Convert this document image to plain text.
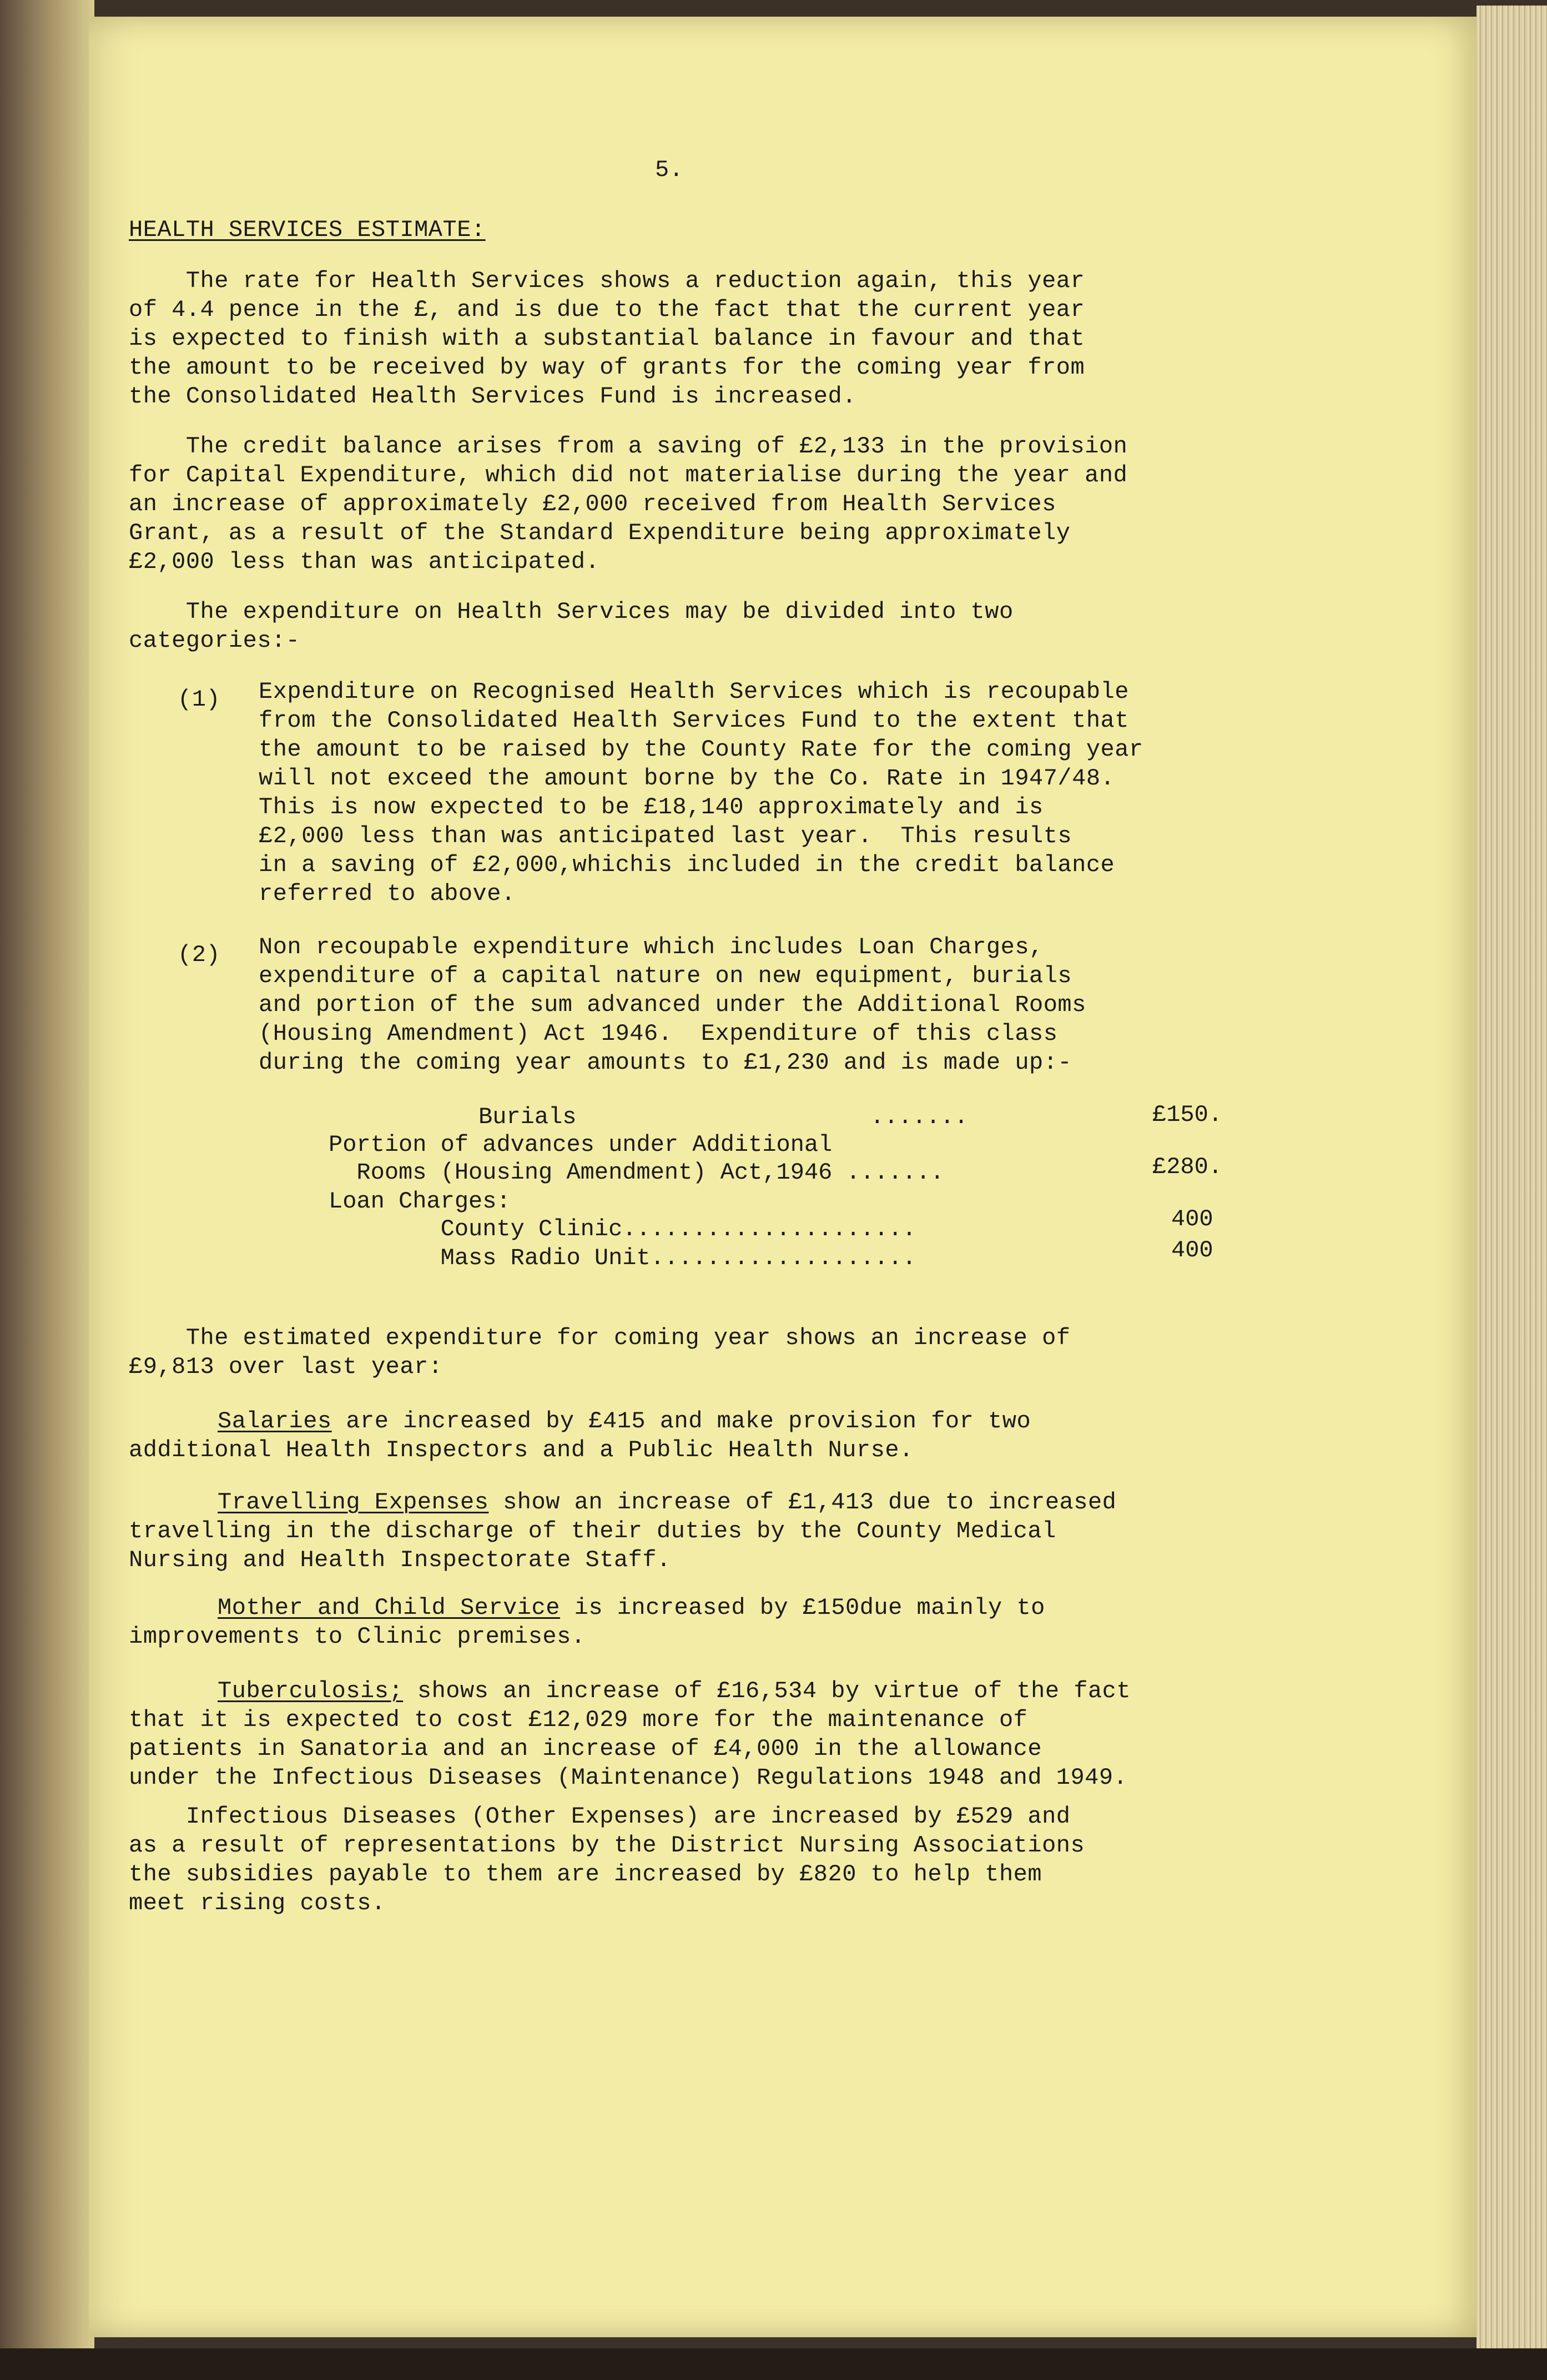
5.
HEALTH SERVICES ESTIMATE:
The rate for Health Services shows a reduction again, this year
of 4.4 pence in the £, and is due to the fact that the current year
is expected to finish with a substantial balance in favour and that
the amount to be received by way of grants for the coming year from
the Consolidated Health Services Fund is increased.
The credit balance arises from a saving of £2,133 in the provision
for Capital Expenditure, which did not materialise during the year and
an increase of approximately £2,000 received from Health Services
Grant, as a result of the Standard Expenditure being approximately
£2,000 less than was anticipated.
The expenditure on Health Services may be divided into two
categories:-
(1) Expenditure on Recognised Health Services which is recoupable
from the Consolidated Health Services Fund to the extent that
the amount to be raised by the County Rate for the coming year
will not exceed the amount borne by the Co. Rate in 1947/48.
This is now expected to be £18,140 approximately and is
£2,000 less than was anticipated last year.  This results
in a saving of £2,000,whichis included in the credit balance
referred to above.
(2) Non recoupable expenditure which includes Loan Charges,
expenditure of a capital nature on new equipment, burials
and portion of the sum advanced under the Additional Rooms
(Housing Amendment) Act 1946.  Expenditure of this class
during the coming year amounts to £1,230 and is made up:-
Burials                     .......	£150.
Portion of advances under Additional
Rooms (Housing Amendment) Act,1946 .......	£280.
Loan Charges:
County Clinic.....................	400
Mass Radio Unit...................	400
The estimated expenditure for coming year shows an increase of
£9,813 over last year:
Salaries are increased by £415 and make provision for two
additional Health Inspectors and a Public Health Nurse.
Travelling Expenses show an increase of £1,413 due to increased
travelling in the discharge of their duties by the County Medical
Nursing and Health Inspectorate Staff.
Mother and Child Service is increased by £150due mainly to
improvements to Clinic premises.
Tuberculosis; shows an increase of £16,534 by virtue of the fact
that it is expected to cost £12,029 more for the maintenance of
patients in Sanatoria and an increase of £4,000 in the allowance
under the Infectious Diseases (Maintenance) Regulations 1948 and 1949.
Infectious Diseases (Other Expenses) are increased by £529 and
as a result of representations by the District Nursing Associations
the subsidies payable to them are increased by £820 to help them
meet rising costs.
